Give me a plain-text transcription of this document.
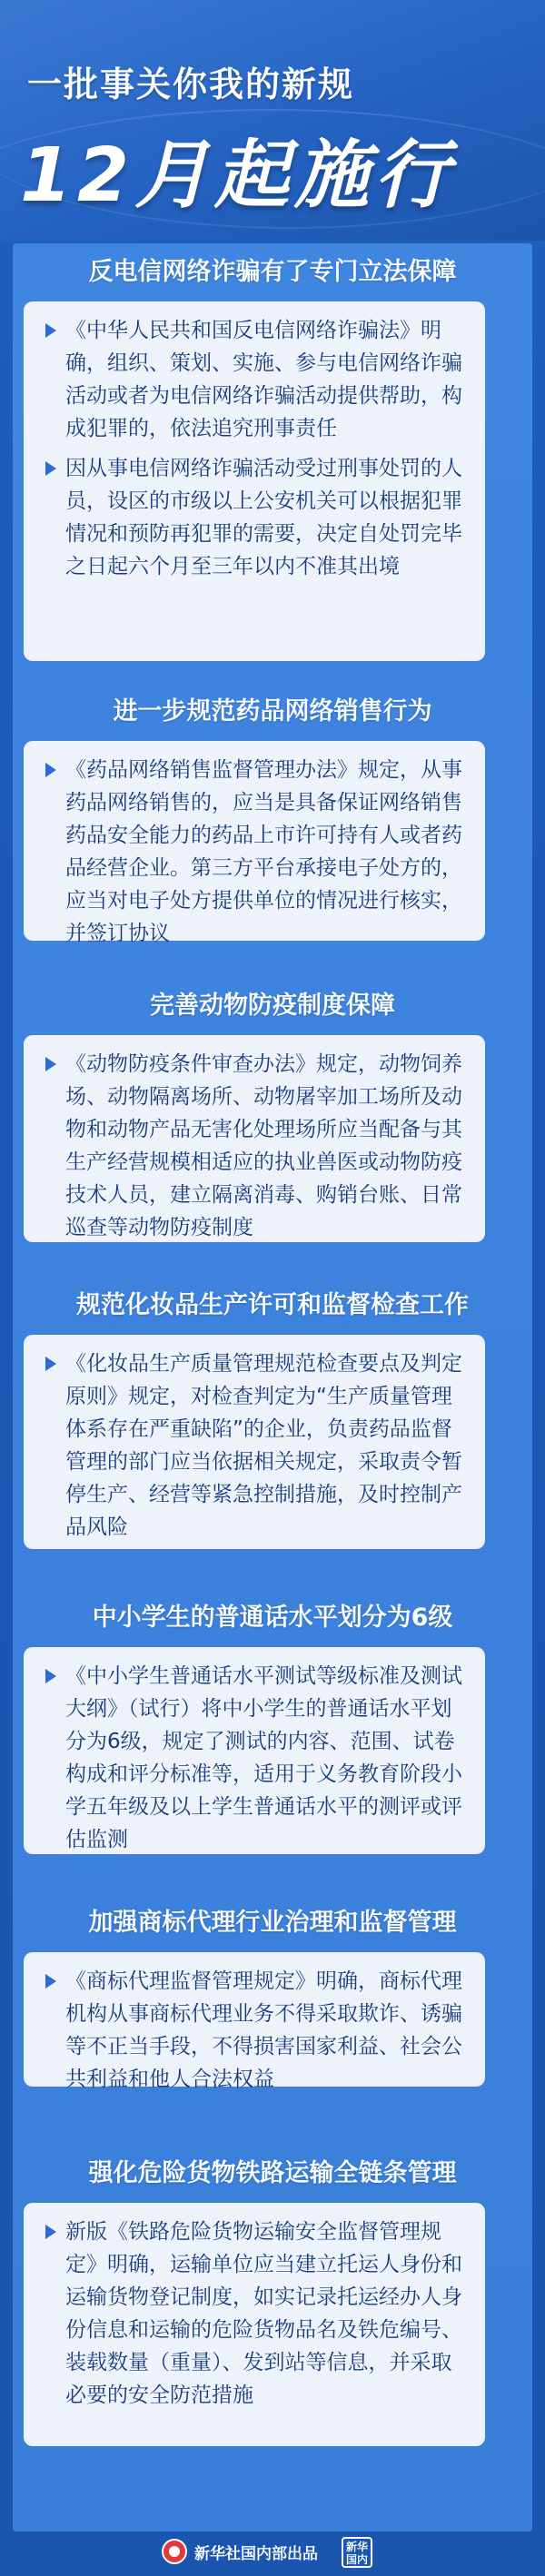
一批事关你我的新规
12月起施行
反电信网络诈骗有了专门立法保障
《中华人民共和国反电信网络诈骗法》明确，组织、策划、实施、参与电信网络诈骗活动或者为电信网络诈骗活动提供帮助，构成犯罪的，依法追究刑事责任
因从事电信网络诈骗活动受过刑事处罚的人员，设区的市级以上公安机关可以根据犯罪情况和预防再犯罪的需要，决定自处罚完毕之日起六个月至三年以内不准其出境
进一步规范药品网络销售行为
《药品网络销售监督管理办法》规定，从事药品网络销售的，应当是具备保证网络销售药品安全能力的药品上市许可持有人或者药品经营企业。第三方平台承接电子处方的，应当对电子处方提供单位的情况进行核实，并签订协议
完善动物防疫制度保障
《动物防疫条件审查办法》规定，动物饲养场、动物隔离场所、动物屠宰加工场所及动物和动物产品无害化处理场所应当配备与其生产经营规模相适应的执业兽医或动物防疫技术人员，建立隔离消毒、购销台账、日常巡查等动物防疫制度
规范化妆品生产许可和监督检查工作
《化妆品生产质量管理规范检查要点及判定原则》规定，对检查判定为“生产质量管理体系存在严重缺陷”的企业，负责药品监督管理的部门应当依据相关规定，采取责令暂停生产、经营等紧急控制措施，及时控制产品风险
中小学生的普通话水平划分为6级
《中小学生普通话水平测试等级标准及测试大纲》（试行）将中小学生的普通话水平划分为6级，规定了测试的内容、范围、试卷构成和评分标准等，适用于义务教育阶段小学五年级及以上学生普通话水平的测评或评估监测
加强商标代理行业治理和监督管理
《商标代理监督管理规定》明确，商标代理机构从事商标代理业务不得采取欺诈、诱骗等不正当手段，不得损害国家利益、社会公共利益和他人合法权益
强化危险货物铁路运输全链条管理
新版《铁路危险货物运输安全监督管理规定》明确，运输单位应当建立托运人身份和运输货物登记制度，如实记录托运经办人身份信息和运输的危险货物品名及铁危编号、装载数量（重量）、发到站等信息，并采取必要的安全防范措施
新华社国内部出品	新华 国内
